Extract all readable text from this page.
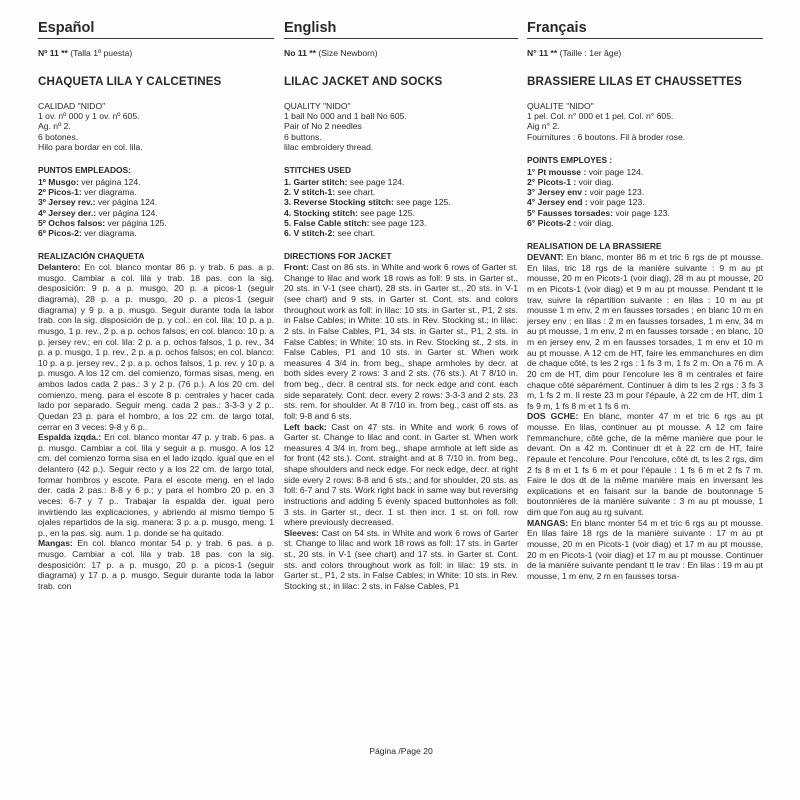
Español
Nº 11 ** (Talla 1º puesta)
CHAQUETA LILA Y CALCETINES
CALIDAD "NIDO"
1 ov. nº 000 y 1 ov. nº 605.
Ag. nº 2.
6 botones.
Hilo para bordar en col. lila.
PUNTOS EMPLEADOS:
1º Musgo: ver página 124.
2º Picos-1: ver diagrama.
3º Jersey rev.: ver página 124.
4º Jersey der.: ver página 124.
5º Ochos falsos: ver página 125.
6º Picos-2: ver diagrama.
REALIZACIÓN CHAQUETA

Delantero: En col. blanco montar 86 p. y trab. 6 pas. a p. musgo. Cambiar a col. lila y trab. 18 pas. con la sig. desposición: 9 p. a p. musgo, 20 p. a picos-1 (seguir diagrama), 28 p. a p. musgo, 20 p. a picos-1 (seguir diagrama) y 9 p. a p. musgo. Seguir durante toda la labor trab. con la sig. disposición de p. y col.: en col. lila: 10 p. a p. musgo, 1 p. rev., 2 p. a p. ochos falsos; en col. blanco: 10 p. a p. jersey rev.; en col. lila: 2 p. a p. ochos falsos, 1 p. rev., 34 p. a p. musgo, 1 p. rev., 2 p. a p. ochos falsos; en col. blanco: 10 p. a p. jersey rev., 2 p. a p. ochos falsos, 1 p. rev. y 10 p. a p. musgo. A los 12 cm. del comienzo, formas sisas, meng. en ambos lados cada 2 pas.: 3 y 2 p. (76 p.). A los 20 cm. del comienzo, meng. para el escote 8 p. centrales y hacer cada lado por separado. Seguir meng. cada 2 pas.: 3-3-3 y 2 p.. Quedan 23 p. para el hombro, a los 22 cm. de largo total, cerrar en 3 veces: 9-8 y 6 p..

Espalda izqda.: En col. blanco montar 47 p. y trab. 6 pas. a p. musgo. Cambiar a col. lila y seguir a p. musgo. A los 12 cm. del comienzo forma sisa en el lado izqdo. igual que en el delantero (42 p.). Seguir recto y a los 22 cm. de largo total, formar hombros y escote. Para el escote meng. en el lado der. cada 2 pas.: 8-8 y 6 p.; y para el hombro 20 p. en 3 veces: 6-7 y 7 p.. Trabajar la espalda der. igual pero invirtiendo las explicaciones, y abriendo al mismo tiempo 5 ojales repartidos de la sig. manera: 3 p. a p. musgo, meng. 1 p., en la pas. sig. aum. 1 p. donde se ha quitado.

Mangas: En col. blanco montar 54 p. y trab. 6 pas. a p. musgo. Cambiar a col. lila y trab. 18 pas. con la sig. desposición: 17 p. a p. musgo, 20 p. a picos-1 (seguir diagrama) y 17 p. a p. musgo. Seguir durante toda la labor trab. con

English
No 11 ** (Size Newborn)
LILAC JACKET AND SOCKS
QUALITY "NIDO"
1 ball No 000 and 1 ball No 605.
Pair of No 2 needles
6 buttons.
lilac embroidery thread.
STITCHES USED
1. Garter stitch: see page 124.
2. V stitch-1: see chart.
3. Reverse Stocking stitch: see page 125.
4. Stocking stitch: see page 125.
5. False Cable stitch: see page 123.
6. V stitch-2: see chart.
DIRECTIONS FOR JACKET

Front: Cast on 86 sts. in White and work 6 rows of Garter st. Change to lilac and work 18 rows as foll: 9 sts. in Garter st., 20 sts. in V-1 (see chart), 28 sts. in Garter st., 20 sts. in V-1 (see chart) and 9 sts. in Garter st. Cont. sts. and colors throughout work as foll: in lilac: 10 sts. in Garter st., P1, 2 sts. in False Cables; in White: 10 sts. in Rev. Stocking st.; in lilac: 2 sts. in False Cables, P1, 34 sts. in Garter st., P1, 2 sts. in False Cables; in White: 10 sts. in Rev. Stocking st., 2 sts. in False Cables, P1 and 10 sts. in Garter st. When work measures 4 3/4 in. from beg., shape armholes by decr. at both sides every 2 rows: 3 and 2 sts. (76 sts.). At 7 8/10 in. from beg., decr. 8 central sts. for neck edge and cont. each side separately. Cont. decr. every 2 rows: 3-3-3 and 2 sts. 23 sts. rem. for shoulder. At 8 7/10 in. from beg., cast off sts. as foll: 9-8 and 6 sts.

Left back: Cast on 47 sts. in White and work 6 rows of Garter st. Change to lilac and cont. in Garter st. When work measures 4 3/4 in. from beg., shape armhole at left side as for front (42 sts.). Cont. straight and at 8 7/10 in. from beg., shape shoulders and neck edge. For neck edge, decr. at right side every 2 rows: 8-8 and 6 sts.; and for shoulder, 20 sts. as foll: 6-7 and 7 sts. Work right back in same way but reversing instructions and adding 5 evenly spaced buttonholes as foll: 3 sts. in Garter st., decr. 1 st. then incr. 1 st. on foll. row where previously decreased.

Sleeves: Cast on 54 sts. in White and work 6 rows of Garter st. Change to lilac and work 18 rows as foll: 17 sts. in Garter st., 20 sts. in V-1 (see chart) and 17 sts. in Garter st. Cont. sts. and colors throughout work as foll: in lilac: 19 sts. in Garter st., P1, 2 sts. in False Cables; in White: 10 sts. in Rev. Stocking st.; in lilac: 2 sts. in False Cables, P1

Français
N° 11 ** (Taille : 1er âge)
BRASSIERE LILAS ET CHAUSSETTES
QUALITE "NIDO"
1 pel. Col. n° 000 et 1 pel. Col. n° 605.
Aig n° 2.
Fournitures : 6 boutons. Fil à broder rose.
POINTS EMPLOYES :
1° Pt mousse : voir page 124.
2° Picots-1 : voir diag.
3° Jersey env : voir page 123.
4° Jersey end : voir page 123.
5° Fausses torsades: voir page 123.
6° Picots-2 : voir diag.
REALISATION DE LA BRASSIERE

DEVANT: En blanc, monter 86 m et tric 6 rgs de pt mousse. En lilas, tric 18 rgs de la manière suivante : 9 m au pt mousse, 20 m en Picots-1 (voir diag), 28 m au pt mousse, 20 m en Picots-1 (voir diag) et 9 m au pt mousse. Pendant tt le trav, suivre la répartition suivante : en lilas : 10 m au pt mousse 1 m env, 2 m en fausses torsades ; en blanc 10 m en jersey env ; en lilas : 2 m en fausses torsades, 1 m env, 34 m au pt mousse, 1 m env, 2 m en fausses torsade ; en blanc, 10 m en jersey env, 2 m en fausses torsades, 1 m env et 10 m au pt mousse. A 12 cm de HT, faire les emmanchures en dim de chaque côté, ts les 2 rgs : 1 fs 3 m, 1 fs 2 m. On a 76 m. A 20 cm de HT, dim pour l'encolure les 8 m centrales et faire chaque côté séparément. Continuer à dim ts les 2 rgs : 3 fs 3 m, 1 fs 2 m. Il reste 23 m pour l'épaule, à 22 cm de HT, dim 1 fs 9 m, 1 fs 8 m et 1 fs 6 m.

DOS GCHE: En blanc, monter 47 m et tric 6 rgs au pt mousse. En lilas, continuer au pt mousse. A 12 cm faire l'emmanchure, côté gche, de la même manière que pour le devant. On a 42 m. Continuer dt et à 22 cm de HT, faire l'épaule et l'encolure. Pour l'encolure, côté dt, ts les 2 rgs, dim 2 fs 8 m et 1 fs 6 m et pour l'épaule : 1 fs 6 m et 2 fs 7 m. Faire le dos dt de la même manière mais en inversant les explications et en faisant sur la bande de boutonnage 5 boutonnières de la manière suivante : 3 m au pt mousse, 1 dim que l'on aug au rg suivant.

MANGAS: En blanc monter 54 m et tric 6 rgs au pt mousse. En lilas faire 18 rgs de la manière suivante : 17 m au pt mousse, 20 m en Picots-1 (voir diag) et 17 m au pt mousse, 20 m en Picots-1 (voir diag) et 17 m au pt mousse. Continuer de la manière suivante pendant tt le trav : En lilas : 19 m au pt mousse, 1 m env, 2 m en fausses torsa-

Página /Page 20
